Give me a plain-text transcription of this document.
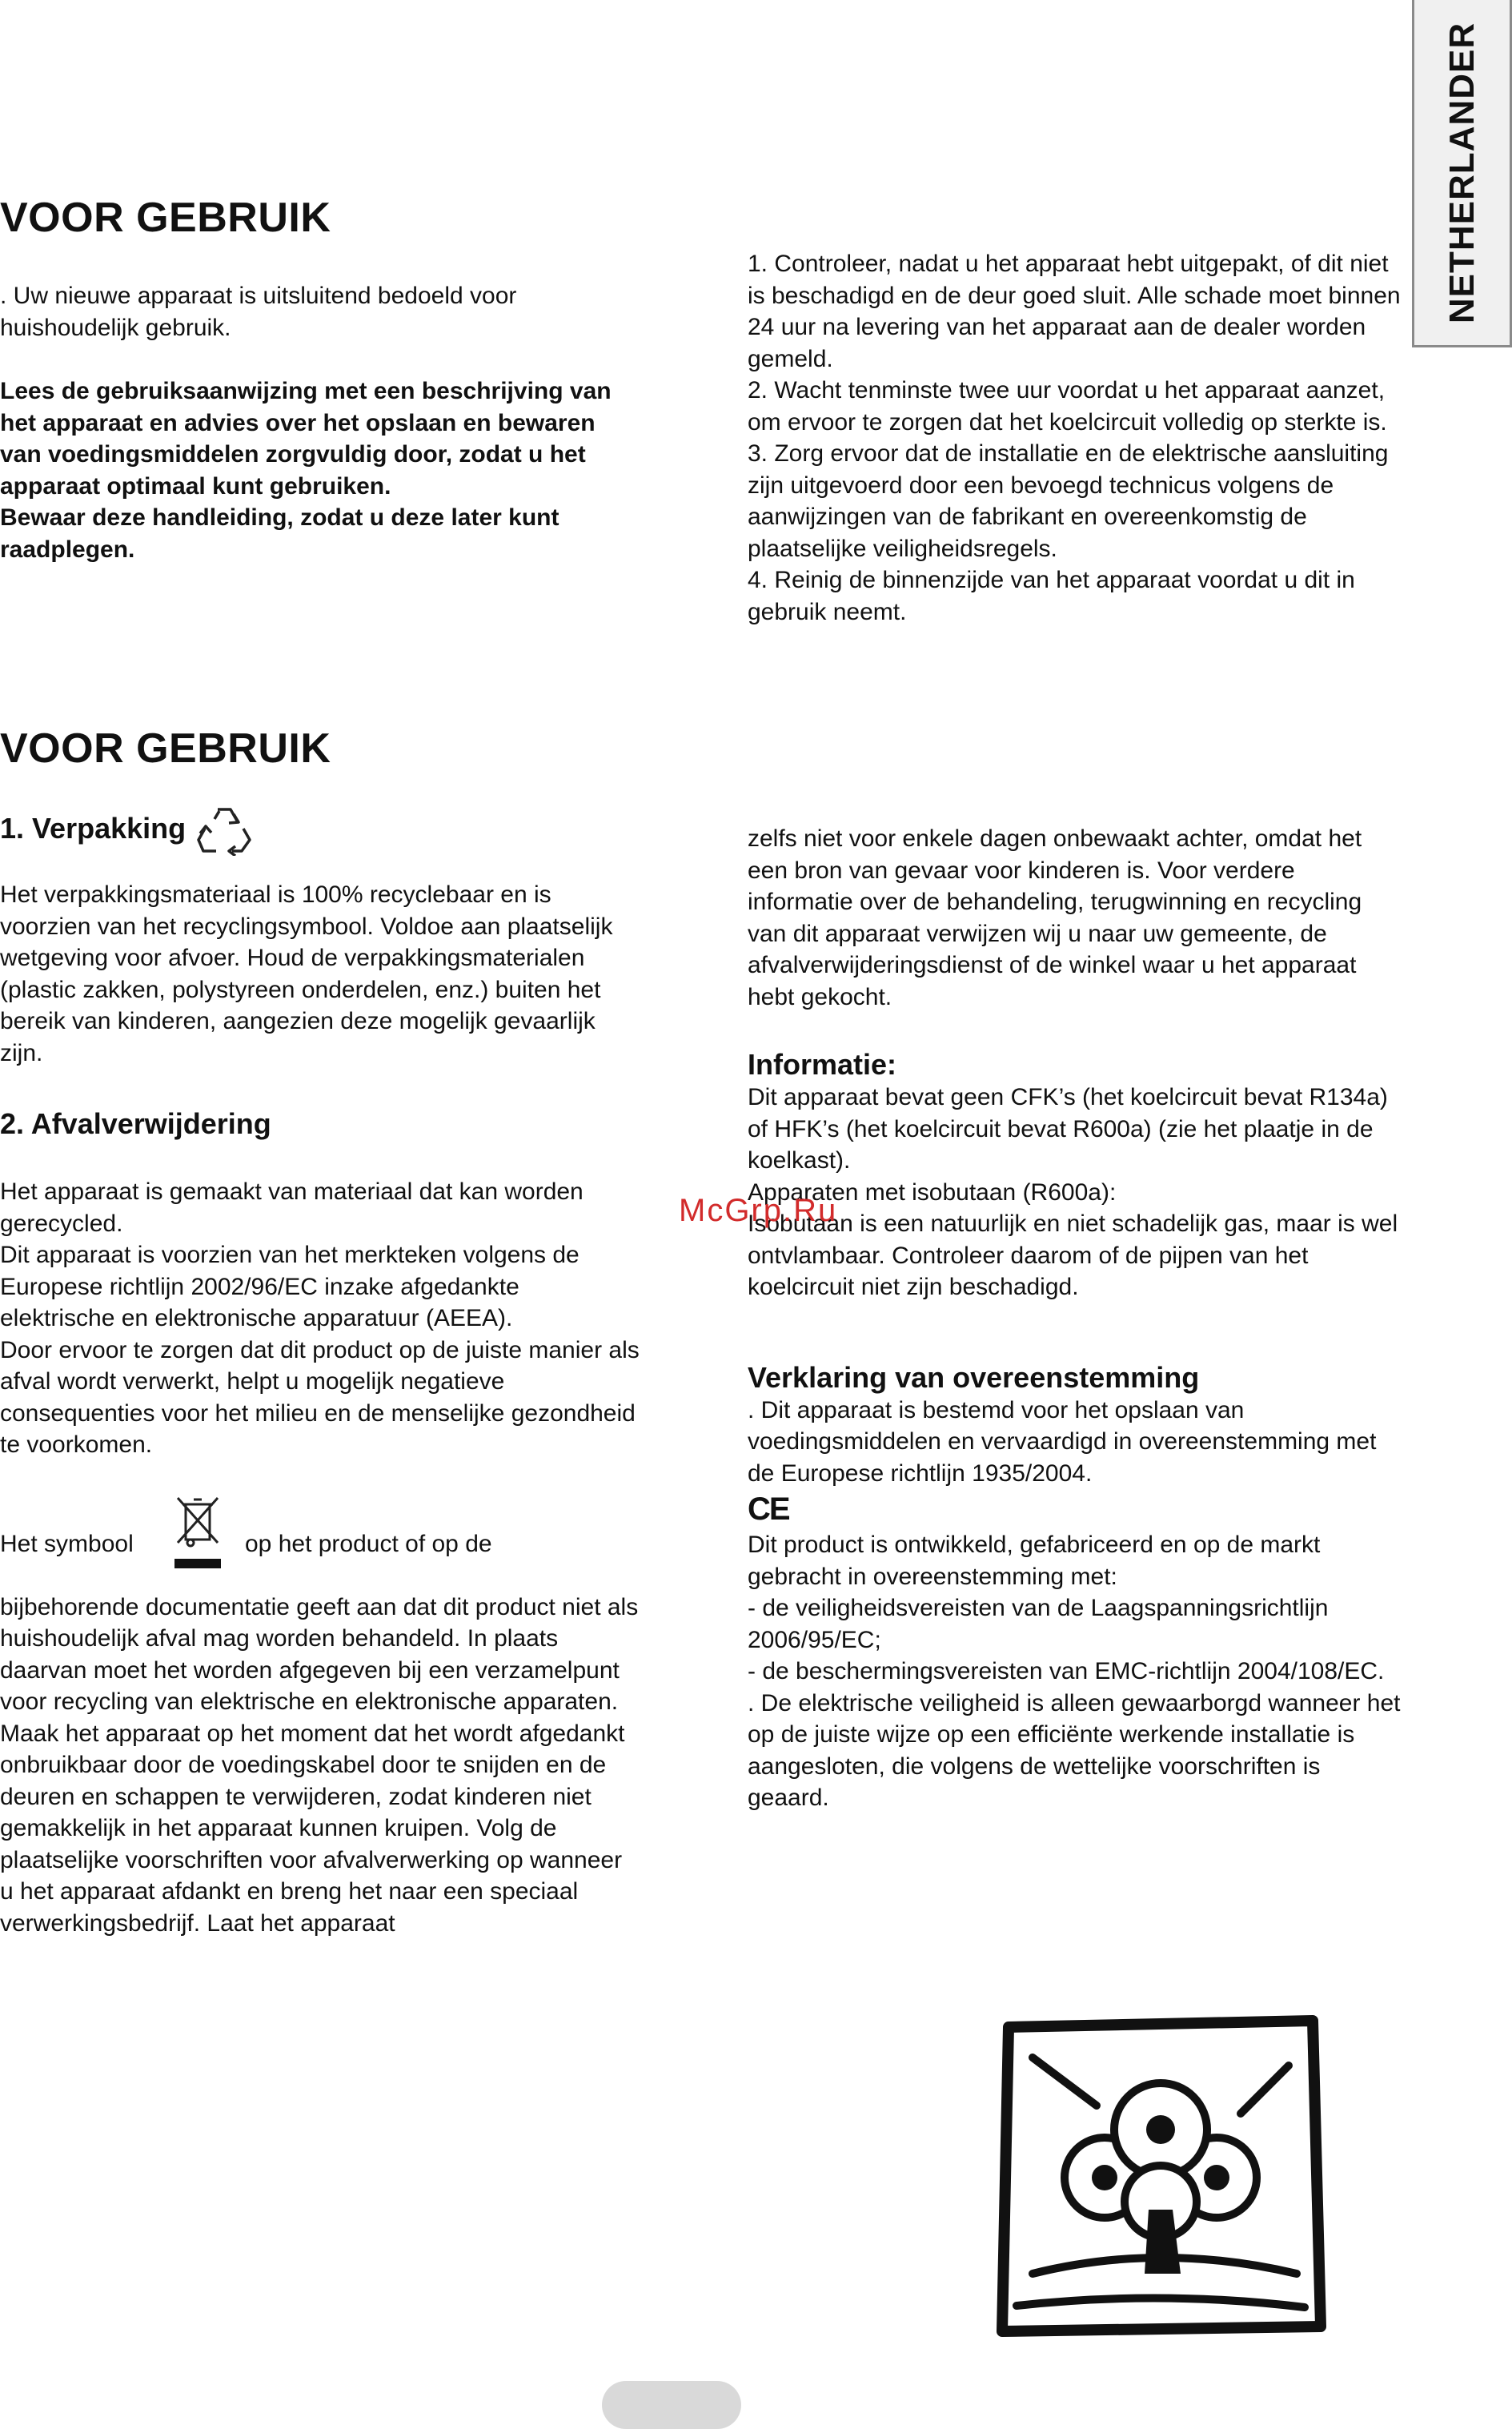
NETHERLANDER
VOOR GEBRUIK

. Uw nieuwe apparaat is uitsluitend bedoeld voor huishoudelijk gebruik.

Lees de gebruiksaanwijzing met een beschrijving van het apparaat en advies over het opslaan en bewaren van voedingsmiddelen zorgvuldig door, zodat u het apparaat optimaal kunt gebruiken.

Bewaar deze handleiding, zodat u deze later kunt raadplegen.

1. Controleer, nadat u het apparaat hebt uitgepakt, of dit niet is beschadigd en de deur goed sluit. Alle schade moet binnen 24 uur na levering van het apparaat aan de dealer worden gemeld.

2. Wacht tenminste twee uur voordat u het apparaat aanzet, om ervoor te zorgen dat het koelcircuit volledig op sterkte is.

3. Zorg ervoor dat de installatie en de elektrische aansluiting zijn uitgevoerd door een bevoegd technicus volgens de aanwijzingen van de fabrikant en overeenkomstig de plaatselijke veiligheidsregels.

4. Reinig de binnenzijde van het apparaat voordat u dit in gebruik neemt.

VOOR GEBRUIK
1. Verpakking

Het verpakkingsmateriaal is 100% recyclebaar en is voorzien van het recyclingsymbool. Voldoe aan plaatselijk wetgeving voor afvoer. Houd de verpakkingsmaterialen (plastic zakken, polystyreen onderdelen, enz.) buiten het bereik van kinderen, aangezien deze mogelijk gevaarlijk zijn.

2. Afvalverwijdering

Het apparaat is gemaakt van materiaal dat kan worden gerecycled.

Dit apparaat is voorzien van het merkteken volgens de Europese richtlijn 2002/96/EC inzake afgedankte elektrische en elektronische apparatuur (AEEA).

Door ervoor te zorgen dat dit product op de juiste manier als afval wordt verwerkt, helpt u mogelijk negatieve consequenties voor het milieu en de menselijke gezondheid te voorkomen.

Het symbool	op het product of op de

bijbehorende documentatie geeft aan dat dit product niet als huishoudelijk afval mag worden behandeld. In plaats daarvan moet het worden afgegeven bij een verzamelpunt voor recycling van elektrische en elektronische apparaten. Maak het apparaat op het moment dat het wordt afgedankt onbruikbaar door de voedingskabel door te snijden en de deuren en schappen te verwijderen, zodat kinderen niet gemakkelijk in het apparaat kunnen kruipen. Volg de plaatselijke voorschriften voor afvalverwerking op wanneer u het apparaat afdankt en breng het naar een speciaal verwerkingsbedrijf. Laat het apparaat

zelfs niet voor enkele dagen onbewaakt achter, omdat het een bron van gevaar voor kinderen is. Voor verdere informatie over de behandeling, terugwinning en recycling van dit apparaat verwijzen wij u naar uw gemeente, de afvalverwijderingsdienst of de winkel waar u het apparaat hebt gekocht.

Informatie:

Dit apparaat bevat geen CFK’s (het koelcircuit bevat R134a) of HFK’s (het koelcircuit bevat R600a) (zie het plaatje in de koelkast).

Apparaten met isobutaan (R600a):

Isobutaan is een natuurlijk en niet schadelijk gas, maar is wel ontvlambaar. Controleer daarom of de pijpen van het koelcircuit niet zijn beschadigd.

Verklaring van overeenstemming

. Dit apparaat is bestemd voor het opslaan van voedingsmiddelen en vervaardigd in overeenstemming met de Europese richtlijn 1935/2004.

CE

Dit product is ontwikkeld, gefabriceerd en op de markt gebracht in overeenstemming met:

- de veiligheidsvereisten van de Laagspanningsrichtlijn 2006/95/EC;

- de beschermingsvereisten van EMC-richtlijn 2004/108/EC.

. De elektrische veiligheid is alleen gewaarborgd wanneer het op de juiste wijze op een efficiënte werkende installatie is aangesloten, die volgens de wettelijke voorschriften is geaard.

McGrp.Ru
